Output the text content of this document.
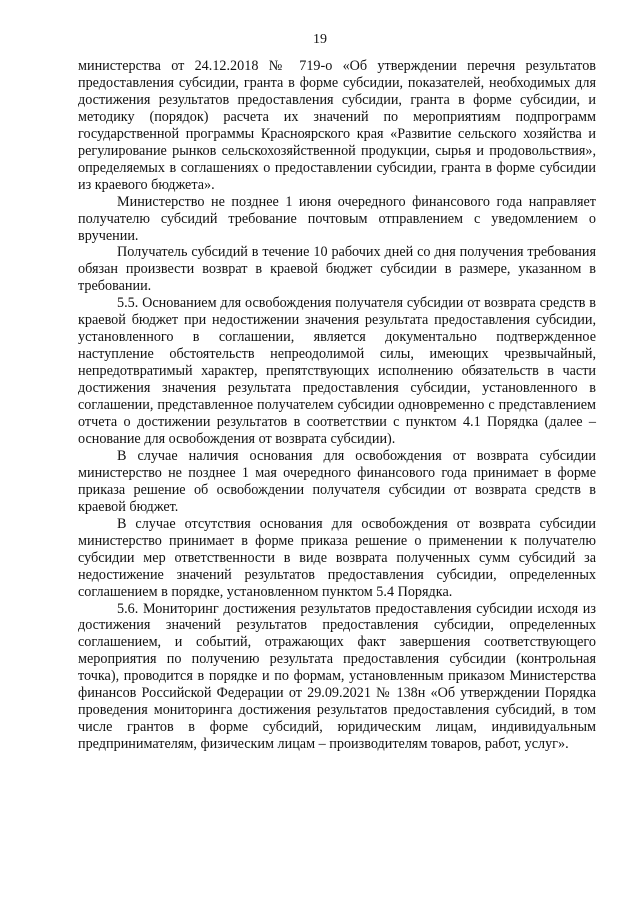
19

министерства от 24.12.2018 № 719-о «Об утверждении перечня результатов предоставления субсидии, гранта в форме субсидии, показателей, необходимых для достижения результатов предоставления субсидии, гранта в форме субсидии, и методику (порядок) расчета их значений по мероприятиям подпрограмм государственной программы Красноярского края «Развитие сельского хозяйства и регулирование рынков сельскохозяйственной продукции, сырья и продовольствия», определяемых в соглашениях о предоставлении субсидии, гранта в форме субсидии из краевого бюджета».

Министерство не позднее 1 июня очередного финансового года направляет получателю субсидий требование почтовым отправлением с уведомлением о вручении.

Получатель субсидий в течение 10 рабочих дней со дня получения требования обязан произвести возврат в краевой бюджет субсидии в размере, указанном в требовании.

5.5. Основанием для освобождения получателя субсидии от возврата средств в краевой бюджет при недостижении значения результата предоставления субсидии, установленного в соглашении, является документально подтвержденное наступление обстоятельств непреодолимой силы, имеющих чрезвычайный, непредотвратимый характер, препятствующих исполнению обязательств в части достижения значения результата предоставления субсидии, установленного в соглашении, представленное получателем субсидии одновременно с представлением отчета о достижении результатов в соответствии с пунктом 4.1 Порядка (далее – основание для освобождения от возврата субсидии).

В случае наличия основания для освобождения от возврата субсидии министерство не позднее 1 мая очередного финансового года принимает в форме приказа решение об освобождении получателя субсидии от возврата средств в краевой бюджет.

В случае отсутствия основания для освобождения от возврата субсидии министерство принимает в форме приказа решение о применении к получателю субсидии мер ответственности в виде возврата полученных сумм субсидий за недостижение значений результатов предоставления субсидии, определенных соглашением в порядке, установленном пунктом 5.4 Порядка.

5.6. Мониторинг достижения результатов предоставления субсидии исходя из достижения значений результатов предоставления субсидии, определенных соглашением, и событий, отражающих факт завершения соответствующего мероприятия по получению результата предоставления субсидии (контрольная точка), проводится в порядке и по формам, установленным приказом Министерства финансов Российской Федерации от 29.09.2021 № 138н «Об утверждении Порядка проведения мониторинга достижения результатов предоставления субсидий, в том числе грантов в форме субсидий, юридическим лицам, индивидуальным предпринимателям, физическим лицам – производителям товаров, работ, услуг».
